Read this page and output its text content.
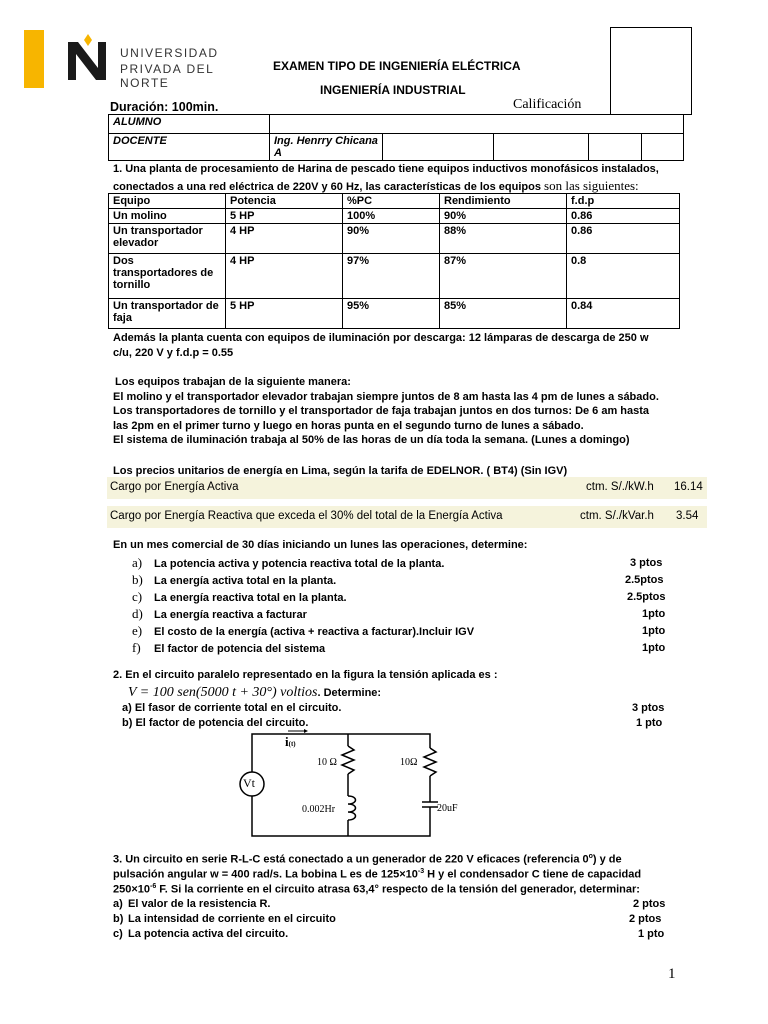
UNIVERSIDAD
PRIVADA DEL NORTE
EXAMEN TIPO DE INGENIERÍA ELÉCTRICA
INGENIERÍA INDUSTRIAL
Duración: 100min.	Calificación
ALUMNO					
DOCENTE	Ing. Henrry Chicana A				
1. Una planta de procesamiento de Harina de pescado tiene equipos inductivos monofásicos instalados,
conectados a una red eléctrica de 220V y 60 Hz, las características de los equipos son las siguientes:
Equipo	Potencia	%PC	Rendimiento	f.d.p
Un molino	5 HP	100%	90%	0.86
Un transportador elevador	4 HP	90%	88%	0.86
Dos transportadores de tornillo	4 HP	97%	87%	0.8
Un transportador de faja	5 HP	95%	85%	0.84
Además la planta cuenta con equipos de iluminación por descarga: 12 lámparas de descarga de 250 w
c/u, 220 V y f.d.p = 0.55
Los equipos trabajan de la siguiente manera:
El molino y el transportador elevador trabajan siempre juntos de 8 am hasta las 4 pm de lunes a sábado.
Los transportadores de tornillo y el transportador de faja trabajan juntos en dos turnos: De 6 am hasta
las 2pm en el primer turno y luego en horas punta en el segundo turno de lunes a sábado.
El sistema de iluminación trabaja al 50% de las horas de un día toda la semana. (Lunes a domingo)
Los precios unitarios de energía en Lima, según la tarifa de EDELNOR. ( BT4) (Sin IGV)
Cargo por Energía Activa	ctm. S/./kW.h 16.14
Cargo por Energía Reactiva que exceda el 30% del total de la Energía Activa	ctm. S/./kVar.h 3.54
En un mes comercial de 30 días iniciando un lunes las operaciones, determine:
a) La potencia activa y potencia reactiva total de la planta.	3 ptos
b) La energía activa total en la planta.	2.5ptos
c) La energía reactiva total en la planta.	2.5ptos
d) La energía reactiva a facturar	1pto
e) El costo de la energía (activa + reactiva a facturar).Incluir IGV	1pto
f) El factor de potencia del sistema	1pto
2. En el circuito paralelo representado en la figura la tensión aplicada es :
V = 100 sen(5000 t + 30°) voltios. Determine:
a) El fasor de corriente total en el circuito.	3 ptos
b) El factor de potencia del circuito.	1 pto
i(t)
Vt
10 Ω	10Ω
0.002Hr	20uF
3. Un circuito en serie R-L-C está conectado a un generador de 220 V eficaces (referencia 0$^o$) y de
pulsación angular w = 400 rad/s. La bobina L es de $125\times 10^{-3}$ H y el condensador C tiene de capacidad
$250\times 10^{-6}$ F. Si la corriente en el circuito atrasa 63,4° respecto de la tensión del generador, determinar:
a) El valor de la resistencia R.	2 ptos
b) La intensidad de corriente en el circuito	2 ptos
c) La potencia activa del circuito.	1 pto
1
